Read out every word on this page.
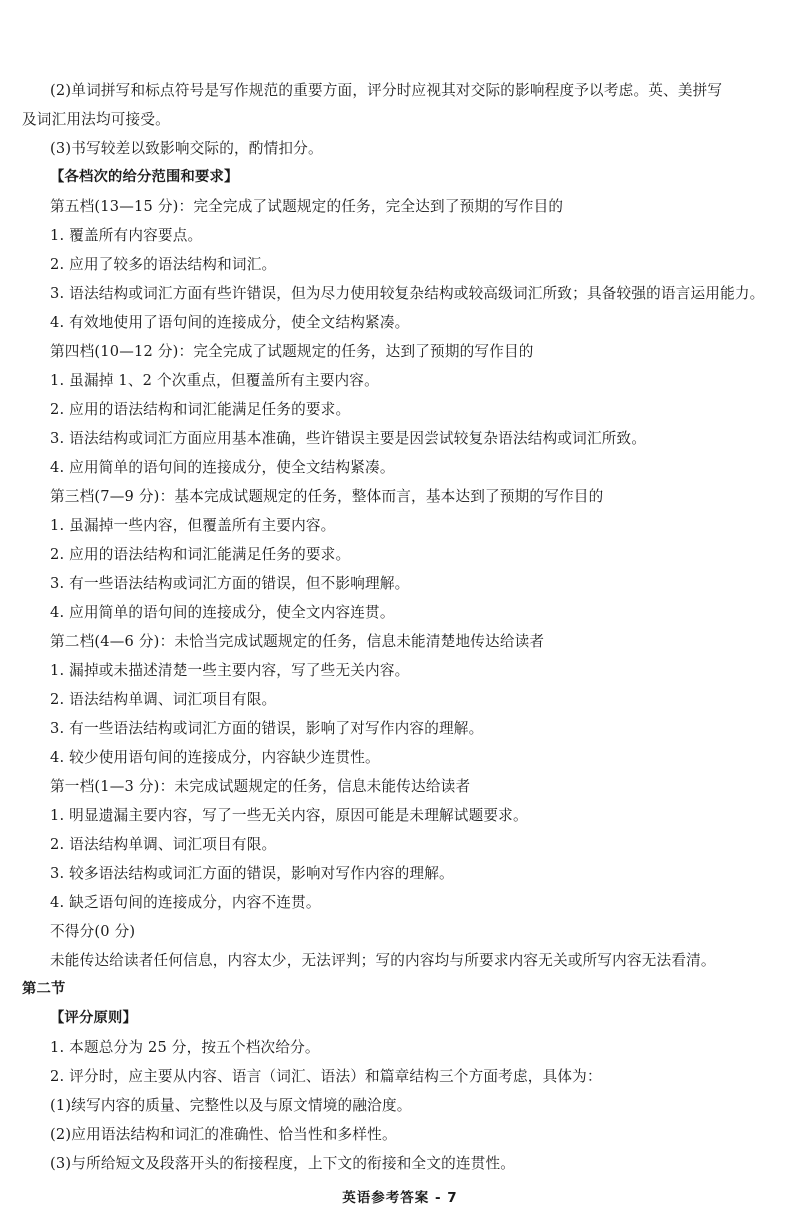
(2)单词拼写和标点符号是写作规范的重要方面，评分时应视其对交际的影响程度予以考虑。英、美拼写
及词汇用法均可接受。
(3)书写较差以致影响交际的，酌情扣分。
【各档次的给分范围和要求】
第五档(13—15 分)：完全完成了试题规定的任务，完全达到了预期的写作目的
1. 覆盖所有内容要点。
2. 应用了较多的语法结构和词汇。
3. 语法结构或词汇方面有些许错误，但为尽力使用较复杂结构或较高级词汇所致；具备较强的语言运用能力。
4. 有效地使用了语句间的连接成分，使全文结构紧凑。
第四档(10—12 分)：完全完成了试题规定的任务，达到了预期的写作目的
1. 虽漏掉 1、2 个次重点，但覆盖所有主要内容。
2. 应用的语法结构和词汇能满足任务的要求。
3. 语法结构或词汇方面应用基本准确，些许错误主要是因尝试较复杂语法结构或词汇所致。
4. 应用简单的语句间的连接成分，使全文结构紧凑。
第三档(7—9 分)：基本完成试题规定的任务，整体而言，基本达到了预期的写作目的
1. 虽漏掉一些内容，但覆盖所有主要内容。
2. 应用的语法结构和词汇能满足任务的要求。
3. 有一些语法结构或词汇方面的错误，但不影响理解。
4. 应用简单的语句间的连接成分，使全文内容连贯。
第二档(4—6 分)：未恰当完成试题规定的任务，信息未能清楚地传达给读者
1. 漏掉或未描述清楚一些主要内容，写了些无关内容。
2. 语法结构单调、词汇项目有限。
3. 有一些语法结构或词汇方面的错误，影响了对写作内容的理解。
4. 较少使用语句间的连接成分，内容缺少连贯性。
第一档(1—3 分)：未完成试题规定的任务，信息未能传达给读者
1. 明显遗漏主要内容，写了一些无关内容，原因可能是未理解试题要求。
2. 语法结构单调、词汇项目有限。
3. 较多语法结构或词汇方面的错误，影响对写作内容的理解。
4. 缺乏语句间的连接成分，内容不连贯。
不得分(0 分)
未能传达给读者任何信息，内容太少，无法评判；写的内容均与所要求内容无关或所写内容无法看清。
第二节
【评分原则】
1. 本题总分为 25 分，按五个档次给分。
2. 评分时，应主要从内容、语言（词汇、语法）和篇章结构三个方面考虑，具体为：
(1)续写内容的质量、完整性以及与原文情境的融洽度。
(2)应用语法结构和词汇的准确性、恰当性和多样性。
(3)与所给短文及段落开头的衔接程度，上下文的衔接和全文的连贯性。
英语参考答案 - 7
